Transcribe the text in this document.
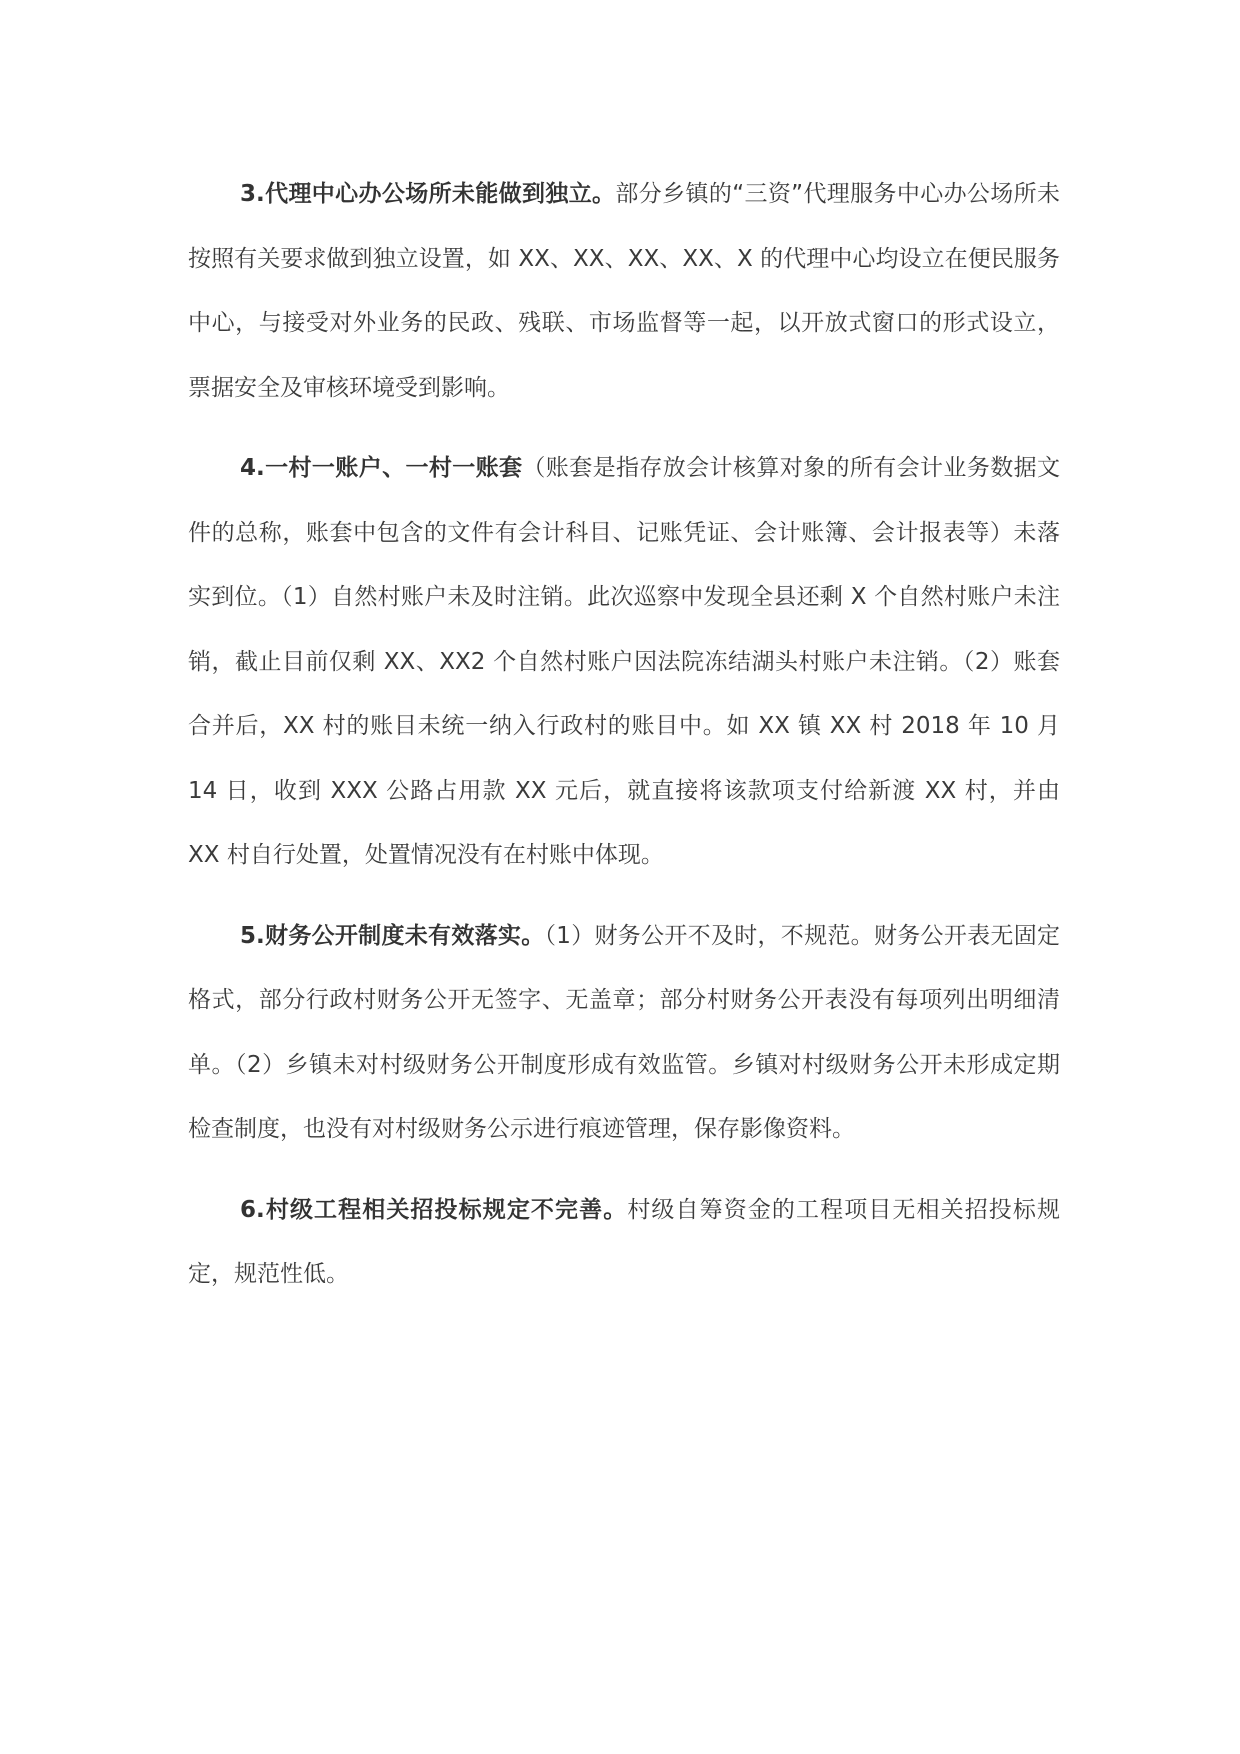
3.代理中心办公场所未能做到独立。部分乡镇的“三资”代理服务中心办公场所未按照有关要求做到独立设置，如 XX、XX、XX、XX、X 的代理中心均设立在便民服务中心，与接受对外业务的民政、残联、市场监督等一起，以开放式窗口的形式设立，票据安全及审核环境受到影响。

4.一村一账户、一村一账套（账套是指存放会计核算对象的所有会计业务数据文件的总称，账套中包含的文件有会计科目、记账凭证、会计账簿、会计报表等）未落实到位。（1）自然村账户未及时注销。此次巡察中发现全县还剩 X 个自然村账户未注销，截止目前仅剩 XX、XX2 个自然村账户因法院冻结湖头村账户未注销。（2）账套合并后，XX 村的账目未统一纳入行政村的账目中。如 XX 镇 XX 村 2018 年 10 月 14 日，收到 XXX 公路占用款 XX 元后，就直接将该款项支付给新渡 XX 村，并由 XX 村自行处置，处置情况没有在村账中体现。

5.财务公开制度未有效落实。（1）财务公开不及时，不规范。财务公开表无固定格式，部分行政村财务公开无签字、无盖章；部分村财务公开表没有每项列出明细清单。（2）乡镇未对村级财务公开制度形成有效监管。乡镇对村级财务公开未形成定期检查制度，也没有对村级财务公示进行痕迹管理，保存影像资料。

6.村级工程相关招投标规定不完善。村级自筹资金的工程项目无相关招投标规定，规范性低。
